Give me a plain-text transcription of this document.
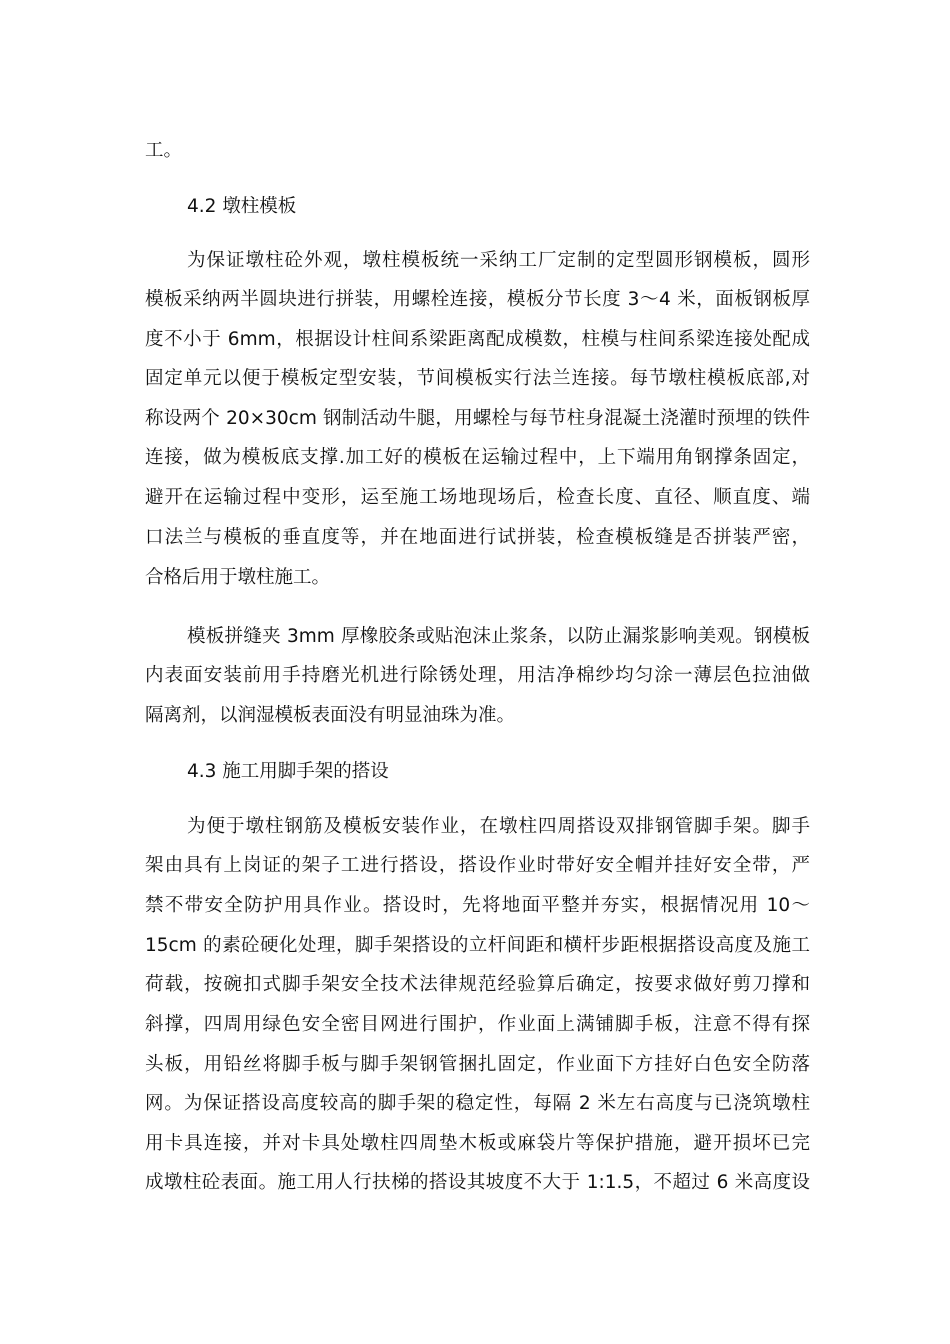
工。
4.2 墩柱模板
为保证墩柱砼外观，墩柱模板统一采纳工厂定制的定型圆形钢模板，圆形
模板采纳两半圆块进行拼装，用螺栓连接，模板分节长度 3～4 米，面板钢板厚
度不小于 6mm，根据设计柱间系梁距离配成模数，柱模与柱间系梁连接处配成
固定单元以便于模板定型安装，节间模板实行法兰连接。每节墩柱模板底部,对
称设两个 20×30cm 钢制活动牛腿，用螺栓与每节柱身混凝土浇灌时预埋的铁件
连接，做为模板底支撑.加工好的模板在运输过程中，上下端用角钢撑条固定，
避开在运输过程中变形，运至施工场地现场后，检查长度、直径、顺直度、端
口法兰与模板的垂直度等，并在地面进行试拼装，检查模板缝是否拼装严密，
合格后用于墩柱施工。
模板拼缝夹 3mm 厚橡胶条或贴泡沫止浆条，以防止漏浆影响美观。钢模板
内表面安装前用手持磨光机进行除锈处理，用洁净棉纱均匀涂一薄层色拉油做
隔离剂，以润湿模板表面没有明显油珠为准。
4.3 施工用脚手架的搭设
为便于墩柱钢筋及模板安装作业，在墩柱四周搭设双排钢管脚手架。脚手
架由具有上岗证的架子工进行搭设，搭设作业时带好安全帽并挂好安全带，严
禁不带安全防护用具作业。搭设时，先将地面平整并夯实，根据情况用 10～
15cm 的素砼硬化处理，脚手架搭设的立杆间距和横杆步距根据搭设高度及施工
荷载，按碗扣式脚手架安全技术法律规范经验算后确定，按要求做好剪刀撑和
斜撑，四周用绿色安全密目网进行围护，作业面上满铺脚手板，注意不得有探
头板，用铅丝将脚手板与脚手架钢管捆扎固定，作业面下方挂好白色安全防落
网。为保证搭设高度较高的脚手架的稳定性，每隔 2 米左右高度与已浇筑墩柱
用卡具连接，并对卡具处墩柱四周垫木板或麻袋片等保护措施，避开损坏已完
成墩柱砼表面。施工用人行扶梯的搭设其坡度不大于 1:1.5，不超过 6 米高度设
